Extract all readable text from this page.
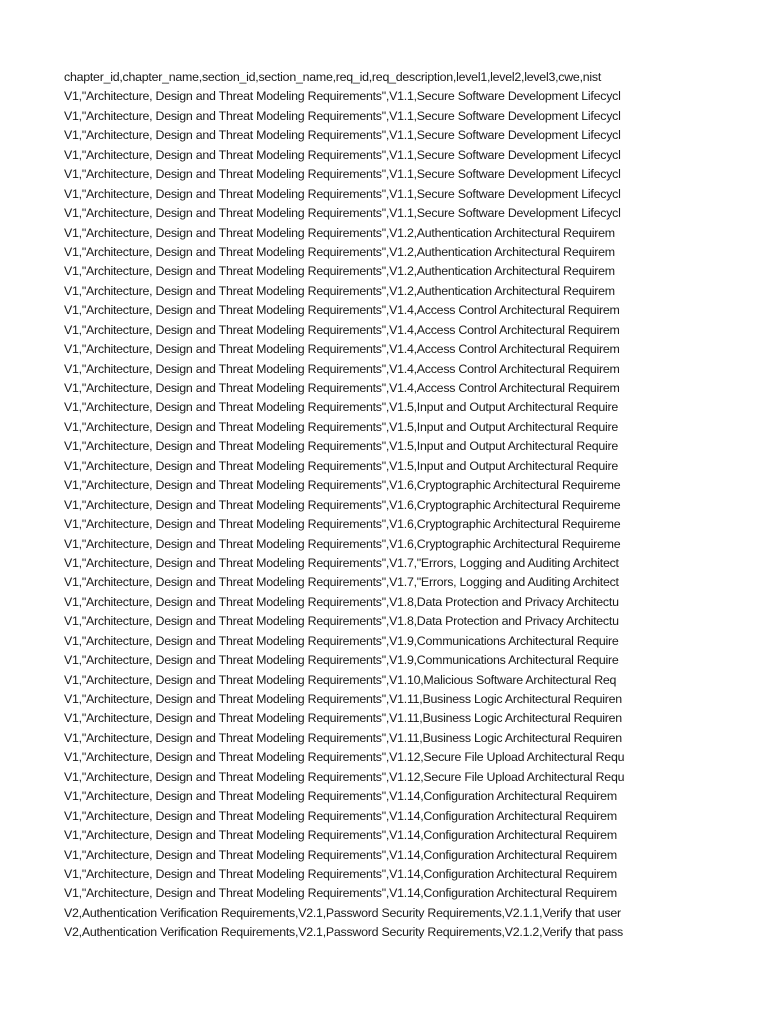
chapter_id,chapter_name,section_id,section_name,req_id,req_description,level1,level2,level3,cwe,nist
V1,"Architecture, Design and Threat Modeling Requirements",V1.1,Secure Software Development Lifecycl
V1,"Architecture, Design and Threat Modeling Requirements",V1.1,Secure Software Development Lifecycl
V1,"Architecture, Design and Threat Modeling Requirements",V1.1,Secure Software Development Lifecycl
V1,"Architecture, Design and Threat Modeling Requirements",V1.1,Secure Software Development Lifecycl
V1,"Architecture, Design and Threat Modeling Requirements",V1.1,Secure Software Development Lifecycl
V1,"Architecture, Design and Threat Modeling Requirements",V1.1,Secure Software Development Lifecycl
V1,"Architecture, Design and Threat Modeling Requirements",V1.1,Secure Software Development Lifecycl
V1,"Architecture, Design and Threat Modeling Requirements",V1.2,Authentication Architectural Requirem
V1,"Architecture, Design and Threat Modeling Requirements",V1.2,Authentication Architectural Requirem
V1,"Architecture, Design and Threat Modeling Requirements",V1.2,Authentication Architectural Requirem
V1,"Architecture, Design and Threat Modeling Requirements",V1.2,Authentication Architectural Requirem
V1,"Architecture, Design and Threat Modeling Requirements",V1.4,Access Control Architectural Requirem
V1,"Architecture, Design and Threat Modeling Requirements",V1.4,Access Control Architectural Requirem
V1,"Architecture, Design and Threat Modeling Requirements",V1.4,Access Control Architectural Requirem
V1,"Architecture, Design and Threat Modeling Requirements",V1.4,Access Control Architectural Requirem
V1,"Architecture, Design and Threat Modeling Requirements",V1.4,Access Control Architectural Requirem
V1,"Architecture, Design and Threat Modeling Requirements",V1.5,Input and Output Architectural Require
V1,"Architecture, Design and Threat Modeling Requirements",V1.5,Input and Output Architectural Require
V1,"Architecture, Design and Threat Modeling Requirements",V1.5,Input and Output Architectural Require
V1,"Architecture, Design and Threat Modeling Requirements",V1.5,Input and Output Architectural Require
V1,"Architecture, Design and Threat Modeling Requirements",V1.6,Cryptographic Architectural Requireme
V1,"Architecture, Design and Threat Modeling Requirements",V1.6,Cryptographic Architectural Requireme
V1,"Architecture, Design and Threat Modeling Requirements",V1.6,Cryptographic Architectural Requireme
V1,"Architecture, Design and Threat Modeling Requirements",V1.6,Cryptographic Architectural Requireme
V1,"Architecture, Design and Threat Modeling Requirements",V1.7,"Errors, Logging and Auditing Architect
V1,"Architecture, Design and Threat Modeling Requirements",V1.7,"Errors, Logging and Auditing Architect
V1,"Architecture, Design and Threat Modeling Requirements",V1.8,Data Protection and Privacy Architectu
V1,"Architecture, Design and Threat Modeling Requirements",V1.8,Data Protection and Privacy Architectu
V1,"Architecture, Design and Threat Modeling Requirements",V1.9,Communications Architectural Require
V1,"Architecture, Design and Threat Modeling Requirements",V1.9,Communications Architectural Require
V1,"Architecture, Design and Threat Modeling Requirements",V1.10,Malicious Software Architectural Req
V1,"Architecture, Design and Threat Modeling Requirements",V1.11,Business Logic Architectural Requiren
V1,"Architecture, Design and Threat Modeling Requirements",V1.11,Business Logic Architectural Requiren
V1,"Architecture, Design and Threat Modeling Requirements",V1.11,Business Logic Architectural Requiren
V1,"Architecture, Design and Threat Modeling Requirements",V1.12,Secure File Upload Architectural Requ
V1,"Architecture, Design and Threat Modeling Requirements",V1.12,Secure File Upload Architectural Requ
V1,"Architecture, Design and Threat Modeling Requirements",V1.14,Configuration Architectural Requirem
V1,"Architecture, Design and Threat Modeling Requirements",V1.14,Configuration Architectural Requirem
V1,"Architecture, Design and Threat Modeling Requirements",V1.14,Configuration Architectural Requirem
V1,"Architecture, Design and Threat Modeling Requirements",V1.14,Configuration Architectural Requirem
V1,"Architecture, Design and Threat Modeling Requirements",V1.14,Configuration Architectural Requirem
V1,"Architecture, Design and Threat Modeling Requirements",V1.14,Configuration Architectural Requirem
V2,Authentication Verification Requirements,V2.1,Password Security Requirements,V2.1.1,Verify that user
V2,Authentication Verification Requirements,V2.1,Password Security Requirements,V2.1.2,Verify that pass
